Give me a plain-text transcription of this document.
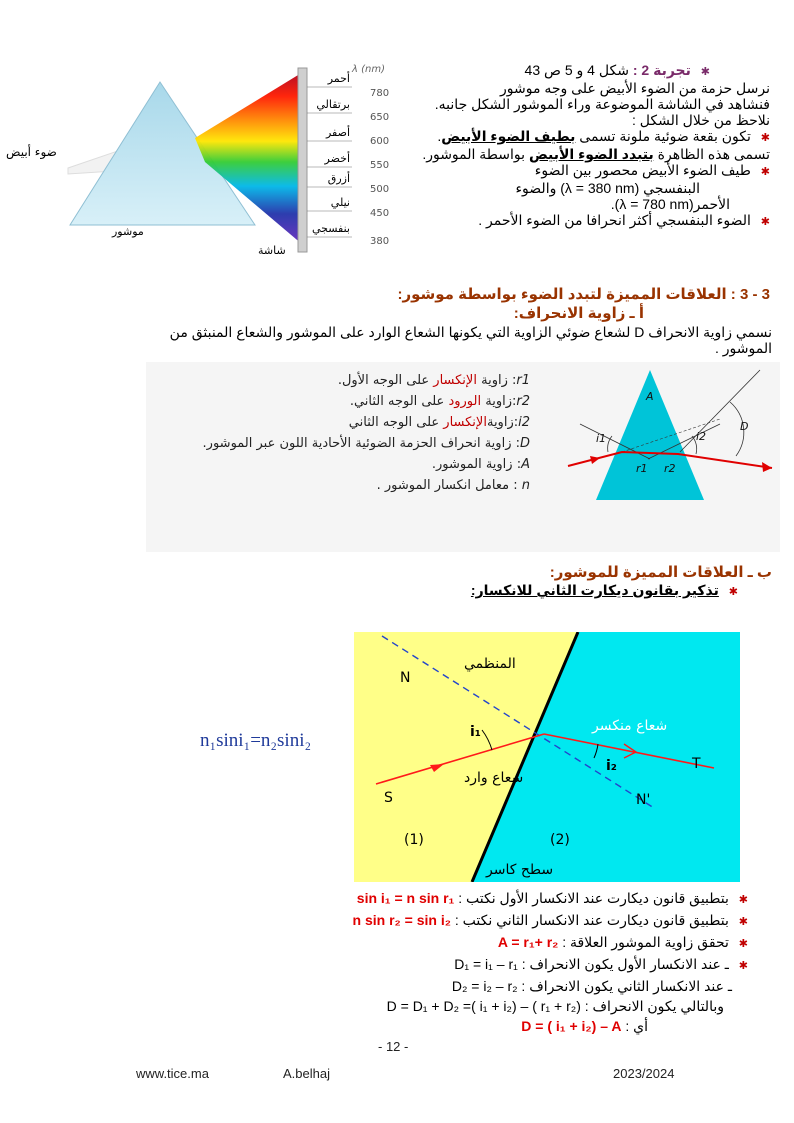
ضوء أبيض
موشور
شاشة
λ (nm)
أحمر
برتقالي
أصفر
أخضر
أزرق
نيلي
بنفسجي
780
650
600
550
500
450
380
✱ تجربة 2 : شكل 4 و 5 ص 43
نرسل حزمة من الضوء الأبيض على وجه موشور
فنشاهد في الشاشة الموضوعة وراء الموشور الشكل جانبه.
نلاحظ من خلال الشكل :
✱ تكون بقعة ضوئية ملونة تسمى بطيف الضوء الأبيض.
تسمى هذه الظاهرة بتبدد الضوء الأبيض بواسطة الموشور.
✱ طيف الضوء الأبيض محصور بين الضوء
البنفسجي (λ = 380 nm) والضوء
الأحمر(λ = 780 nm).
✱ الضوء البنفسجي أكثر انحرافا من الضوء الأحمر .
3 - 3 : العلاقات المميزة لتبدد الضوء بواسطة موشور:
أ ـ زاوية الانحراف:
نسمي زاوية الانحراف D لشعاع ضوئي الزاوية التي يكونها الشعاع الوارد على الموشور والشعاع المنبثق من
الموشور .
A
i1	i2
r1 r2
D
r1: زاوية الإنكسار على الوجه الأول.
r2:زاوية الورود على الوجه الثاني.
i2:زاويةالإنكسار على الوجه الثاني
D: زاوية انحراف الحزمة الضوئية الأحادية اللون عبر الموشور.
A: زاوية الموشور.
n : معامل انكسار الموشور .
ب ـ العلاقات المميزة للموشور:
✱ تذكير بقانون ديكارت الثاني للانكسار:
n₁sini₁=n₂sini₂
المنظمي
N
شعاع منكسر
شعاع وارد
S
T
i₁
i₂
N'
(1)	(2)
سطح كاسر
✱ بتطبيق قانون ديكارت عند الانكسار الأول نكتب : sin i₁ = n sin r₁
✱ بتطبيق قانون ديكارت عند الانكسار الثاني نكتب : n sin r₂ = sin i₂
✱ تحقق زاوية الموشور العلاقة : A = r₁+ r₂
✱ ـ عند الانكسار الأول يكون الانحراف : D₁ = i₁ – r₁
ـ عند الانكسار الثاني يكون الانحراف : D₂ = i₂ – r₂
وبالتالي يكون الانحراف : D = D₁ + D₂ =( i₁ + i₂) – ( r₁ + r₂)
أي : D = ( i₁ + i₂) – A
- 12 -
www.tice.ma	A.belhaj	2023/2024
